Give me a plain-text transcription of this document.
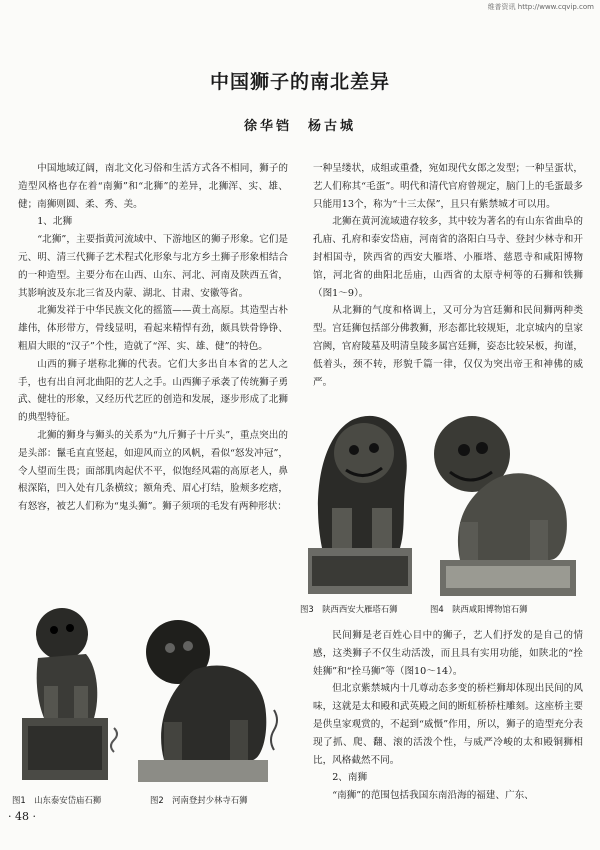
维普资讯 http://www.cqvip.com
中国狮子的南北差异
徐华铛　杨古城

中国地域辽阔，南北文化习俗和生活方式各不相同，狮子的造型风格也存在着“南狮”和“北狮”的差异，北狮浑、实、雄、健；南狮则圆、柔、秀、美。

1、北狮

“北狮”，主要指黄河流域中、下游地区的狮子形象。它们是元、明、清三代狮子艺术程式化形象与北方乡土狮子形象相结合的一种造型。主要分布在山西、山东、河北、河南及陕西五省，其影响波及东北三省及内蒙、湖北、甘肃、安徽等省。

北狮发祥于中华民族文化的摇篮——黄土高原。其造型古朴雄伟，体形带方，骨线显明，看起来精悍有劲，颇具铁骨铮铮、粗眉大眼的“汉子”个性，造就了“浑、实、雄、健”的特色。

山西的狮子堪称北狮的代表。它们大多出自本省的艺人之手，也有出自河北曲阳的艺人之手。山西狮子承袭了传统狮子勇武、健壮的形象，又经历代艺匠的创造和发展，逐步形成了北狮的典型特征。

北狮的狮身与狮头的关系为“九斤狮子十斤头”，重点突出的是头部：鬣毛直直竖起，如迎风而立的风帆，看似“怒发冲冠”，令人望而生畏；面部肌肉起伏不平，似饱经风霜的高原老人，鼻根深陷，凹入处有几条横纹；额角秃、眉心打结，脸颊多疙瘩，有怒容，被艺人们称为“鬼头狮”。狮子须项的毛发有两种形状：

一种呈缕状，成组或重叠，宛如现代女郎之发型；一种呈蛋状，艺人们称其“毛蛋”。明代和清代官府曾规定，脑门上的毛蛋最多只能用13个，称为“十三太保”，且只有紫禁城才可以用。

北狮在黄河流域遗存较多，其中较为著名的有山东省曲阜的孔庙、孔府和泰安岱庙，河南省的洛阳白马寺、登封少林寺和开封相国寺，陕西省的西安大雁塔、小雁塔、慈恩寺和咸阳博物馆，河北省的曲阳北岳庙，山西省的太原寺柯等的石狮和铁狮（图1～9）。

从北狮的气度和格调上，又可分为宫廷狮和民间狮两种类型。宫廷狮包括部分佛教狮，形态都比较规矩，北京城内的皇家宫阙，官府陵墓及明清皇陵多属宫廷狮，姿态比较呆板，拘谨，低着头，颈不转，形貌千篇一律，仅仅为突出帝王和神佛的威严。

图3　陕西西安大雁塔石狮	图4　陕西咸阳博物馆石狮

民间狮是老百姓心目中的狮子，艺人们抒发的是自己的情感，这类狮子不仅生动活泼，而且具有实用功能，如陕北的“拴娃狮”和“拴马狮”等（图10～14）。

但北京紫禁城内十几尊动态多变的桥栏狮却体现出民间的风味，这就是太和殿和武英殿之间的断虹桥桥柱雕刻。这座桥主要是供皇家观赏的，不起到“威慑”作用，所以，狮子的造型充分表现了抓、爬、翻、滚的活泼个性，与威严冷峻的太和殿铜狮相比，风格截然不同。

2、南狮

“南狮”的范围包括我国东南沿海的福建、广东、

图1　山东泰安岱庙石狮	图2　河南登封少林寺石狮
· 48 ·
